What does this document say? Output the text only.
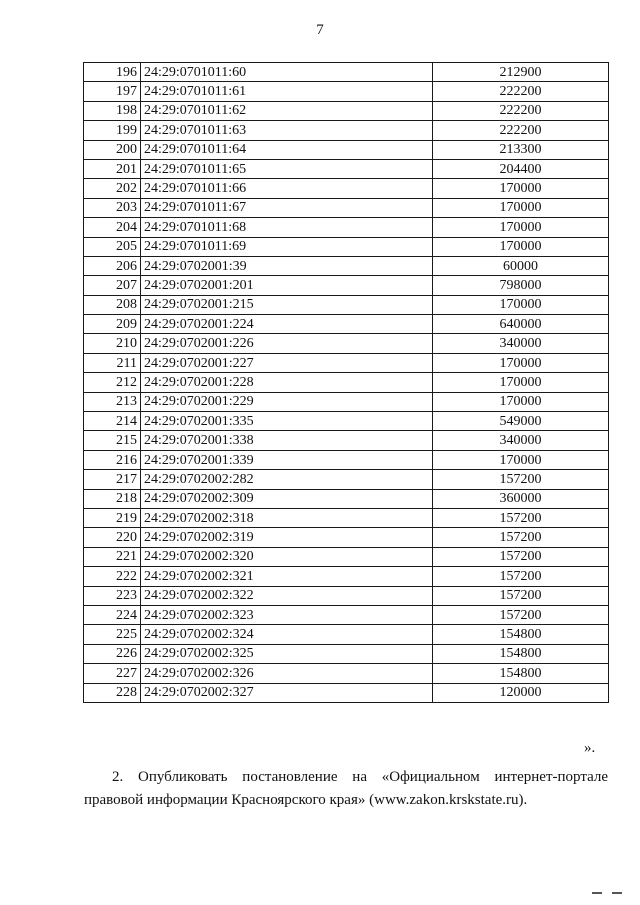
7
196	24:29:0701011:60	212900
197	24:29:0701011:61	222200
198	24:29:0701011:62	222200
199	24:29:0701011:63	222200
200	24:29:0701011:64	213300
201	24:29:0701011:65	204400
202	24:29:0701011:66	170000
203	24:29:0701011:67	170000
204	24:29:0701011:68	170000
205	24:29:0701011:69	170000
206	24:29:0702001:39	60000
207	24:29:0702001:201	798000
208	24:29:0702001:215	170000
209	24:29:0702001:224	640000
210	24:29:0702001:226	340000
211	24:29:0702001:227	170000
212	24:29:0702001:228	170000
213	24:29:0702001:229	170000
214	24:29:0702001:335	549000
215	24:29:0702001:338	340000
216	24:29:0702001:339	170000
217	24:29:0702002:282	157200
218	24:29:0702002:309	360000
219	24:29:0702002:318	157200
220	24:29:0702002:319	157200
221	24:29:0702002:320	157200
222	24:29:0702002:321	157200
223	24:29:0702002:322	157200
224	24:29:0702002:323	157200
225	24:29:0702002:324	154800
226	24:29:0702002:325	154800
227	24:29:0702002:326	154800
228	24:29:0702002:327	120000
».
2. Опубликовать постановление на «Официальном интернет-портале правовой информации Красноярского края» (www.zakon.krskstate.ru).
